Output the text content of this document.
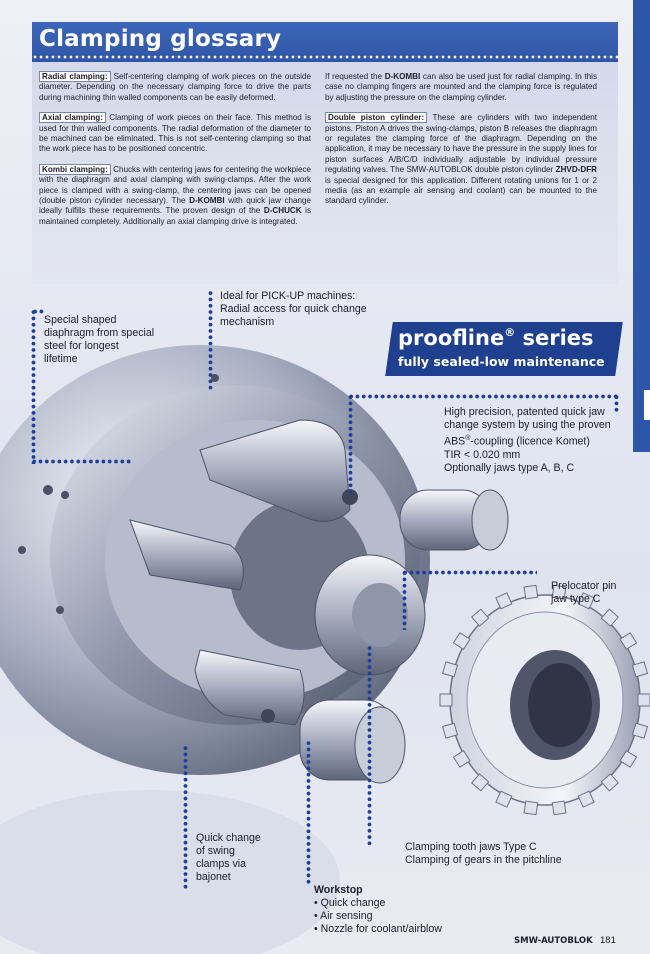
Clamping glossary

Radial clamping: Self-centering clamping of work pieces on the outside diameter. Depending on the necessary clamping force to drive the parts during machining thin walled components can be easily deformed.

Axial clamping: Clamping of work pieces on their face. This method is used for thin walled components. The radial deformation of the diameter to be machined can be eliminated. This is not self-centering clamping so that the work piece has to be positioned concentric.

Kombi clamping: Chucks with centering jaws for centering the workpiece with the diaphragm and axial clamping with swing-clamps. After the work piece is clamped with a swing-clamp, the centering jaws can be opened (double piston cylinder necessary). The D-KOMBI with quick jaw change ideally fulfills these requirements. The proven design of the D-CHUCK is maintained completely. Additionally an axial clamping drive is integrated.

If requested the D-KOMBI can also be used just for radial clamping. In this case no clamping fingers are mounted and the clamping force is regulated by adjusting the pressure on the clamping cylinder.

Double piston cylinder: These are cylinders with two independent pistons. Piston A drives the swing-clamps, piston B releases the diaphragm or regulates the clamping force of the diaphragm. Depending on the application, it may be necessary to have the pressure in the supply lines for piston surfaces A/B/C/D individually adjustable by individual pressure regulating valves. The SMW-AUTOBLOK double piston cylinder ZHVD-DFR is special designed for this application. Different rotating unions for 1 or 2 media (as an example air sensing and coolant) can be mounted to the standard cylinder.

proofline® series
fully sealed-low maintenance
Special shaped
diaphragm from special
steel for longest
lifetime
Ideal for PICK-UP machines:
Radial access for quick change
mechanism
High precision, patented quick jaw
change system by using the proven
ABS®-coupling (licence Komet)
TIR < 0.020 mm
Optionally jaws type A, B, C
Prelocator pin
jaw type C
Quick change
of swing
clamps via
bajonet
Clamping tooth jaws Type C
Clamping of gears in the pitchline
Workstop
• Quick change
• Air sensing
• Nozzle for coolant/airblow
SMW-AUTOBLOK 181
